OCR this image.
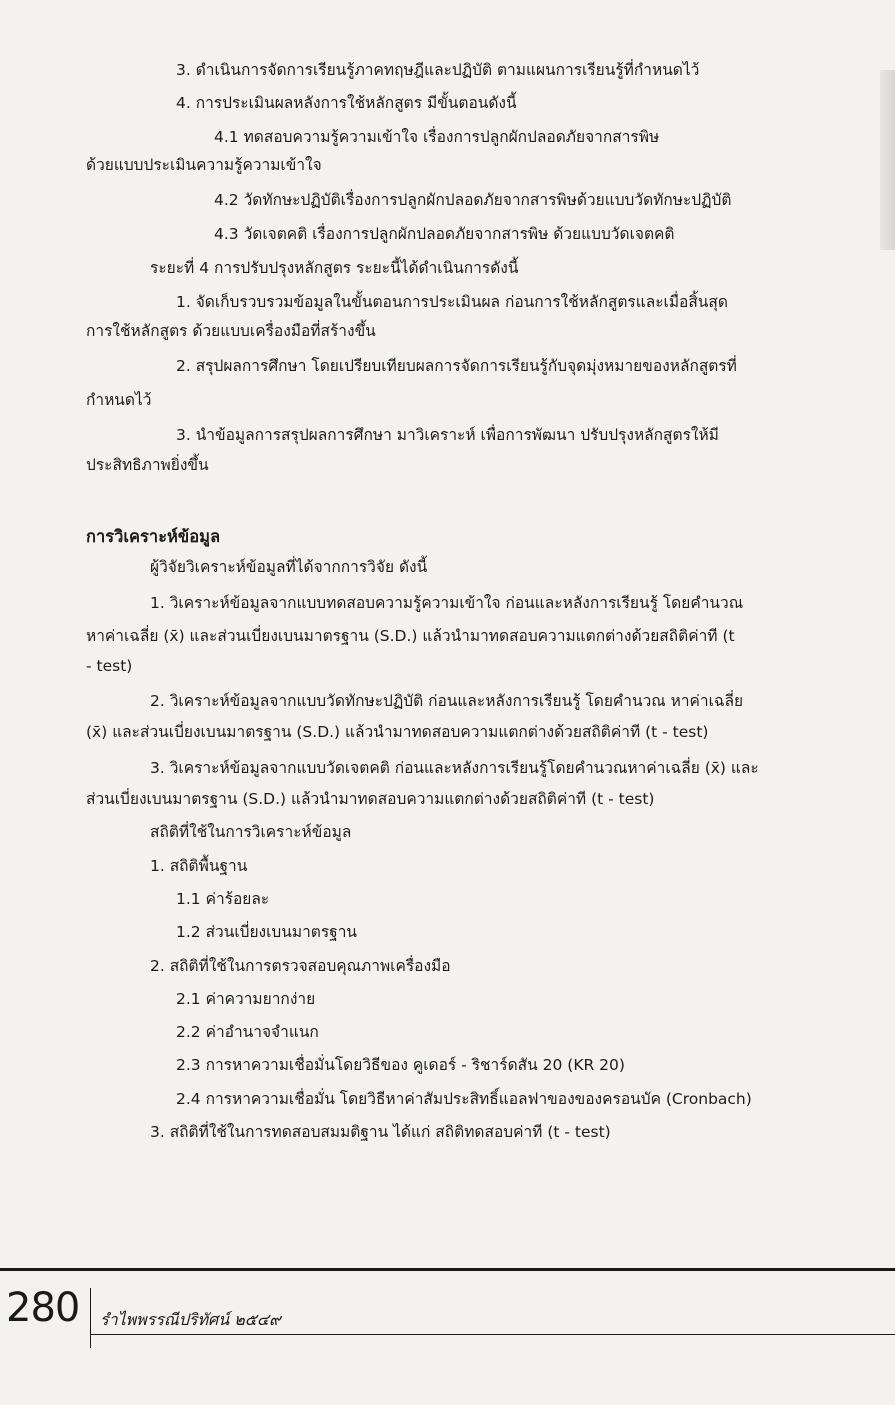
3. ดำเนินการจัดการเรียนรู้ภาคทฤษฎีและปฏิบัติ ตามแผนการเรียนรู้ที่กำหนดไว้
4. การประเมินผลหลังการใช้หลักสูตร มีขั้นตอนดังนี้
4.1 ทดสอบความรู้ความเข้าใจ เรื่องการปลูกผักปลอดภัยจากสารพิษ
ด้วยแบบประเมินความรู้ความเข้าใจ
4.2 วัดทักษะปฏิบัติเรื่องการปลูกผักปลอดภัยจากสารพิษด้วยแบบวัดทักษะปฏิบัติ
4.3 วัดเจตคติ เรื่องการปลูกผักปลอดภัยจากสารพิษ ด้วยแบบวัดเจตคติ
ระยะที่ 4 การปรับปรุงหลักสูตร ระยะนี้ได้ดำเนินการดังนี้
1. จัดเก็บรวบรวมข้อมูลในขั้นตอนการประเมินผล ก่อนการใช้หลักสูตรและเมื่อสิ้นสุด
การใช้หลักสูตร ด้วยแบบเครื่องมือที่สร้างขึ้น
2. สรุปผลการศึกษา โดยเปรียบเทียบผลการจัดการเรียนรู้กับจุดมุ่งหมายของหลักสูตรที่
กำหนดไว้
3. นำข้อมูลการสรุปผลการศึกษา มาวิเคราะห์ เพื่อการพัฒนา ปรับปรุงหลักสูตรให้มี
ประสิทธิภาพยิ่งขึ้น
การวิเคราะห์ข้อมูล
ผู้วิจัยวิเคราะห์ข้อมูลที่ได้จากการวิจัย ดังนี้
1. วิเคราะห์ข้อมูลจากแบบทดสอบความรู้ความเข้าใจ ก่อนและหลังการเรียนรู้ โดยคำนวณ
หาค่าเฉลี่ย (x̄) และส่วนเบี่ยงเบนมาตรฐาน (S.D.) แล้วนำมาทดสอบความแตกต่างด้วยสถิติค่าที (t
- test)
2. วิเคราะห์ข้อมูลจากแบบวัดทักษะปฏิบัติ ก่อนและหลังการเรียนรู้ โดยคำนวณ หาค่าเฉลี่ย
(x̄) และส่วนเบี่ยงเบนมาตรฐาน (S.D.) แล้วนำมาทดสอบความแตกต่างด้วยสถิติค่าที (t - test)
3. วิเคราะห์ข้อมูลจากแบบวัดเจตคติ ก่อนและหลังการเรียนรู้โดยคำนวณหาค่าเฉลี่ย (x̄) และ
ส่วนเบี่ยงเบนมาตรฐาน (S.D.) แล้วนำมาทดสอบความแตกต่างด้วยสถิติค่าที (t - test)
สถิติที่ใช้ในการวิเคราะห์ข้อมูล
1. สถิติพื้นฐาน
1.1 ค่าร้อยละ
1.2 ส่วนเบี่ยงเบนมาตรฐาน
2. สถิติที่ใช้ในการตรวจสอบคุณภาพเครื่องมือ
2.1 ค่าความยากง่าย
2.2 ค่าอำนาจจำแนก
2.3 การหาความเชื่อมั่นโดยวิธีของ คูเดอร์ - ริชาร์ดสัน 20 (KR 20)
2.4 การหาความเชื่อมั่น โดยวิธีหาค่าสัมประสิทธิ์แอลฟาของของครอนบัค (Cronbach)
3. สถิติที่ใช้ในการทดสอบสมมติฐาน ได้แก่ สถิติทดสอบค่าที (t - test)
280 รำไพพรรณีปริทัศน์ ๒๕๔๙
